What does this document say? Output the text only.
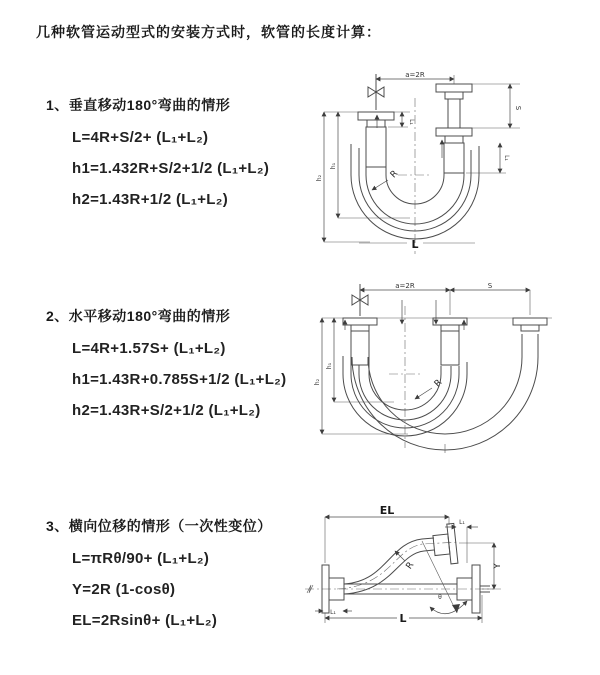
几种软管运动型式的安装方式时，软管的长度计算：
1、垂直移动180°弯曲的情形
L=4R+S/2+ (L₁+L₂)
h1=1.432R+S/2+1/2 (L₁+L₂)
h2=1.43R+1/2 (L₁+L₂)
L₁
a=2R
S
L₁
h₁
h₂	R
L
2、水平移动180°弯曲的情形
L=4R+1.57S+ (L₁+L₂)
h1=1.43R+0.785S+1/2 (L₁+L₂)
h2=1.43R+S/2+1/2 (L₁+L₂)
a=2R	S
h₁
h₂	R
3、横向位移的情形（一次性变位）
L=πRθ/90+ (L₁+L₂)
Y=2R (1-cosθ)
EL=2Rsinθ+ (L₁+L₂)
EL
L₁
Y
θ
R
L
L₁
